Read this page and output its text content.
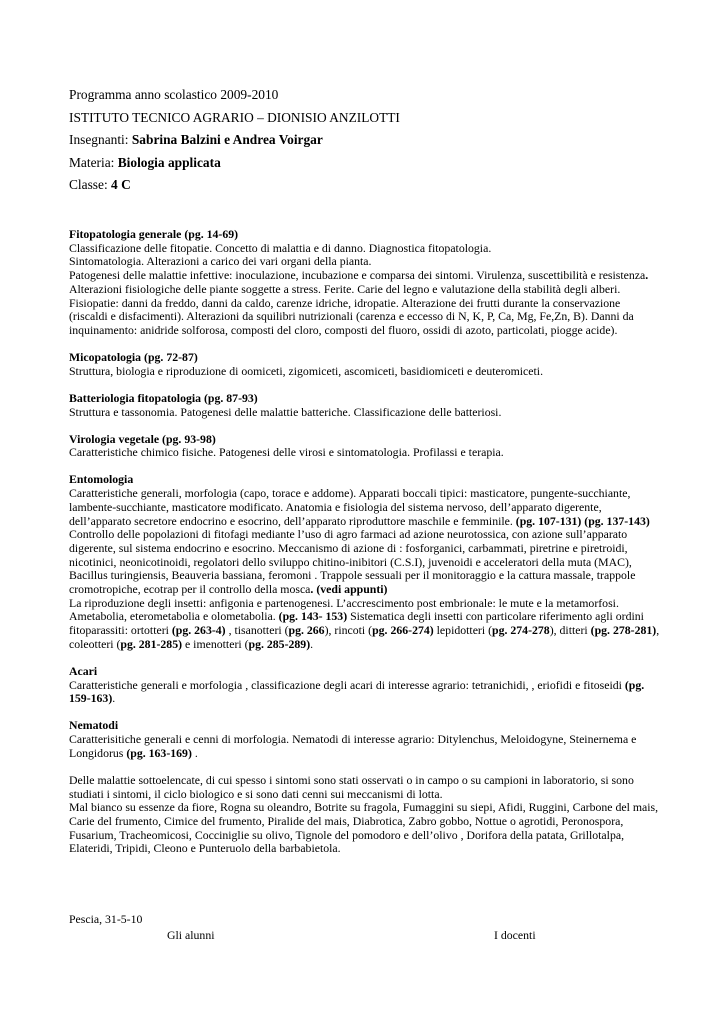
Programma anno scolastico 2009-2010
ISTITUTO TECNICO AGRARIO – DIONISIO ANZILOTTI
Insegnanti: Sabrina Balzini e Andrea Voirgar
Materia: Biologia applicata
Classe: 4 C

Fitopatologia generale (pg. 14-69)

Classificazione delle fitopatie. Concetto di malattia e di danno. Diagnostica fitopatologia.

Sintomatologia. Alterazioni a carico dei vari organi della pianta.

Patogenesi delle malattie infettive: inoculazione, incubazione e comparsa dei sintomi. Virulenza, suscettibilità e resistenza. Alterazioni fisiologiche delle piante soggette a stress. Ferite. Carie del legno e valutazione della stabilità degli alberi.

Fisiopatie: danni da freddo, danni da caldo, carenze idriche, idropatie. Alterazione dei frutti durante la conservazione (riscaldi e disfacimenti). Alterazioni da squilibri nutrizionali (carenza e eccesso di N, K, P, Ca, Mg, Fe,Zn, B). Danni da inquinamento: anidride solforosa, composti del cloro, composti del fluoro, ossidi di azoto, particolati, piogge acide).

Micopatologia (pg. 72-87)

Struttura, biologia e riproduzione di oomiceti, zigomiceti, ascomiceti, basidiomiceti e deuteromiceti.

Batteriologia fitopatologia (pg. 87-93)

Struttura e tassonomia. Patogenesi delle malattie batteriche. Classificazione delle batteriosi.

Virologia vegetale (pg. 93-98)

Caratteristiche chimico fisiche. Patogenesi delle virosi e sintomatologia. Profilassi e terapia.

Entomologia

Caratteristiche generali, morfologia (capo, torace e addome). Apparati boccali tipici: masticatore, pungente-succhiante, lambente-succhiante, masticatore modificato. Anatomia e fisiologia del sistema nervoso, dell’apparato digerente, dell’apparato secretore endocrino e esocrino, dell’apparato riproduttore maschile e femminile. (pg. 107-131) (pg. 137-143)

Controllo delle popolazioni di fitofagi mediante l’uso di agro farmaci ad azione neurotossica, con azione sull’apparato digerente, sul sistema endocrino e esocrino. Meccanismo di azione di : fosforganici, carbammati, piretrine e piretroidi, nicotinici, neonicotinoidi, regolatori dello sviluppo chitino-inibitori (C.S.I), juvenoidi e acceleratori della muta (MAC), Bacillus turingiensis, Beauveria bassiana, feromoni . Trappole sessuali per il monitoraggio e la cattura massale, trappole cromotropiche, ecotrap per il controllo della mosca. (vedi appunti)

La riproduzione degli insetti: anfigonia e partenogenesi. L’accrescimento post embrionale: le mute e la metamorfosi. Ametabolia, eterometabolia e olometabolia. (pg. 143- 153) Sistematica degli insetti con particolare riferimento agli ordini fitoparassiti: ortotteri (pg. 263-4) , tisanotteri (pg. 266), rincoti (pg. 266-274) lepidotteri (pg. 274-278), ditteri (pg. 278-281), coleotteri (pg. 281-285) e imenotteri (pg. 285-289).

Acari

Caratteristiche generali e morfologia , classificazione degli acari di interesse agrario: tetranichidi, , eriofidi e fitoseidi (pg. 159-163).

Nematodi

Caratterisitiche generali e cenni di morfologia. Nematodi di interesse agrario: Ditylenchus, Meloidogyne, Steinernema e Longidorus (pg. 163-169) .

Delle malattie sottoelencate, di cui spesso i sintomi sono stati osservati o in campo o su campioni in laboratorio, si sono studiati i sintomi, il ciclo biologico e si sono dati cenni sui meccanismi di lotta.

Mal bianco su essenze da fiore, Rogna su oleandro, Botrite su fragola, Fumaggini su siepi, Afidi, Ruggini, Carbone del mais, Carie del frumento, Cimice del frumento, Piralide del mais, Diabrotica, Zabro gobbo, Nottue o agrotidi, Peronospora, Fusarium, Tracheomicosi, Cocciniglie su olivo, Tignole del pomodoro e dell’olivo , Dorifora della patata, Grillotalpa, Elateridi, Tripidi, Cleono e Punteruolo della barbabietola.

Pescia, 31-5-10
Gli alunni	I docenti
